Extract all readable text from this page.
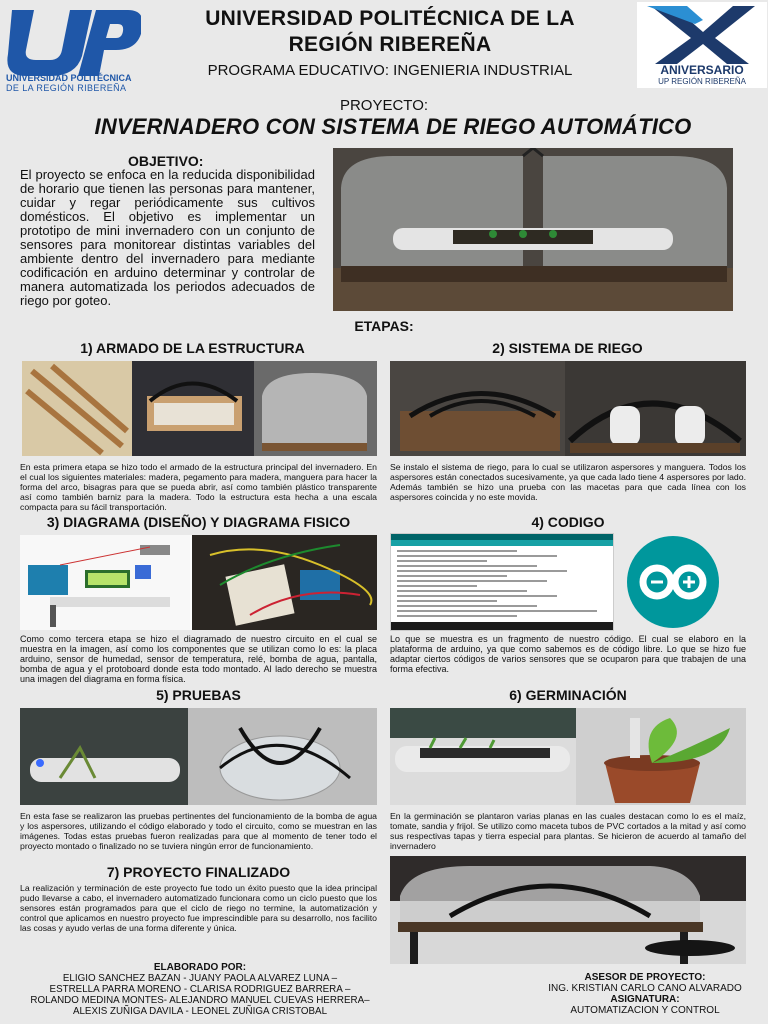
UNIVERSIDAD POLITÉCNICA
DE LA REGIÓN RIBEREÑA
UNIVERSIDAD POLITÉCNICA DE LA
REGIÓN RIBEREÑA
PROGRAMA EDUCATIVO: INGENIERIA INDUSTRIAL	ANIVERSARIO
UP REGIÓN RIBEREÑA
PROYECTO:
INVERNADERO CON SISTEMA DE RIEGO AUTOMÁTICO
OBJETIVO:
El proyecto se enfoca en la reducida disponibilidad de horario que tienen las personas para mantener, cuidar y regar periódicamente sus cultivos domésticos. El objetivo es implementar un prototipo de mini invernadero con un conjunto de sensores para monitorear distintas variables del ambiente dentro del invernadero para mediante codificación en arduino determinar y controlar de manera automatizada los periodos adecuados de riego por goteo.
ETAPAS:
1) ARMADO DE LA ESTRUCTURA
En esta primera etapa se hizo todo el armado de la estructura principal del invernadero. En el cual los siguientes materiales: madera, pegamento para madera, manguera para hacer la forma del arco, bisagras para que se pueda abrir, así como también plástico transparente así como también barniz para la madera. Todo la estructura esta hecha a una escala compacta para su fácil transportación.
2) SISTEMA DE RIEGO
Se instalo el sistema de riego, para lo cual se utilizaron aspersores y manguera. Todos los aspersores están conectados sucesivamente, ya que cada lado tiene 4 aspersores por lado. Además también se hizo una prueba con las macetas para que cada línea con los aspersores coincida y no este movida.
3) DIAGRAMA (DISEÑO) Y DIAGRAMA FISICO
Como como tercera etapa se hizo el diagramado de nuestro circuito en el cual se muestra en la imagen, así como los componentes que se utilizan como lo es: la placa arduino, sensor de humedad, sensor de temperatura, relé, bomba de agua, pantalla, bomba de agua y el protoboard donde esta todo montado. Al lado derecho se muestra una imagen del diagrama en forma física.
4) CODIGO
Lo que se muestra es un fragmento de nuestro código. El cual se elaboro en la plataforma de arduino, ya que como sabemos es de código libre. Lo que se hizo fue adaptar ciertos códigos de varios sensores que se ocuparon para que trabajen de una forma efectiva.
5) PRUEBAS
En esta fase se realizaron las pruebas pertinentes del funcionamiento de la bomba de agua y los aspersores, utilizando el código elaborado y todo el circuito, como se muestran en las imágenes. Todas estas pruebas fueron realizadas para que al momento de tener todo el proyecto montado o finalizado no se tuviera ningún error de funcionamiento.
6) GERMINACIÓN
En la germinación se plantaron varias planas en las cuales destacan como lo es el maíz, tomate, sandia y frijol. Se utilizo como maceta tubos de PVC cortados a la mitad y así como sus respectivas tapas y tierra especial para plantas. Se hicieron de acuerdo al tamaño del invernadero
7) PROYECTO FINALIZADO
La realización y terminación de este proyecto fue todo un éxito puesto que la idea principal pudo llevarse a cabo, el invernadero automatizado funcionara como un ciclo puesto que los sensores están programados para que el ciclo de riego no termine, la automatización y control que aplicamos en nuestro proyecto fue imprescindible para su desarrollo, nos facilito las cosas y ayudo verlas de una forma diferente y única.
ELABORADO POR:
ELIGIO SANCHEZ BAZAN - JUANY PAOLA ALVAREZ LUNA –
ESTRELLA PARRA MORENO - CLARISA RODRIGUEZ BARRERA –
ROLANDO MEDINA MONTES- ALEJANDRO MANUEL CUEVAS HERRERA–
ALEXIS ZUÑIGA DAVILA - LEONEL ZUÑIGA CRISTOBAL
ASESOR DE PROYECTO:
ING. KRISTIAN CARLO CANO ALVARADO
ASIGNATURA:
AUTOMATIZACION Y CONTROL
